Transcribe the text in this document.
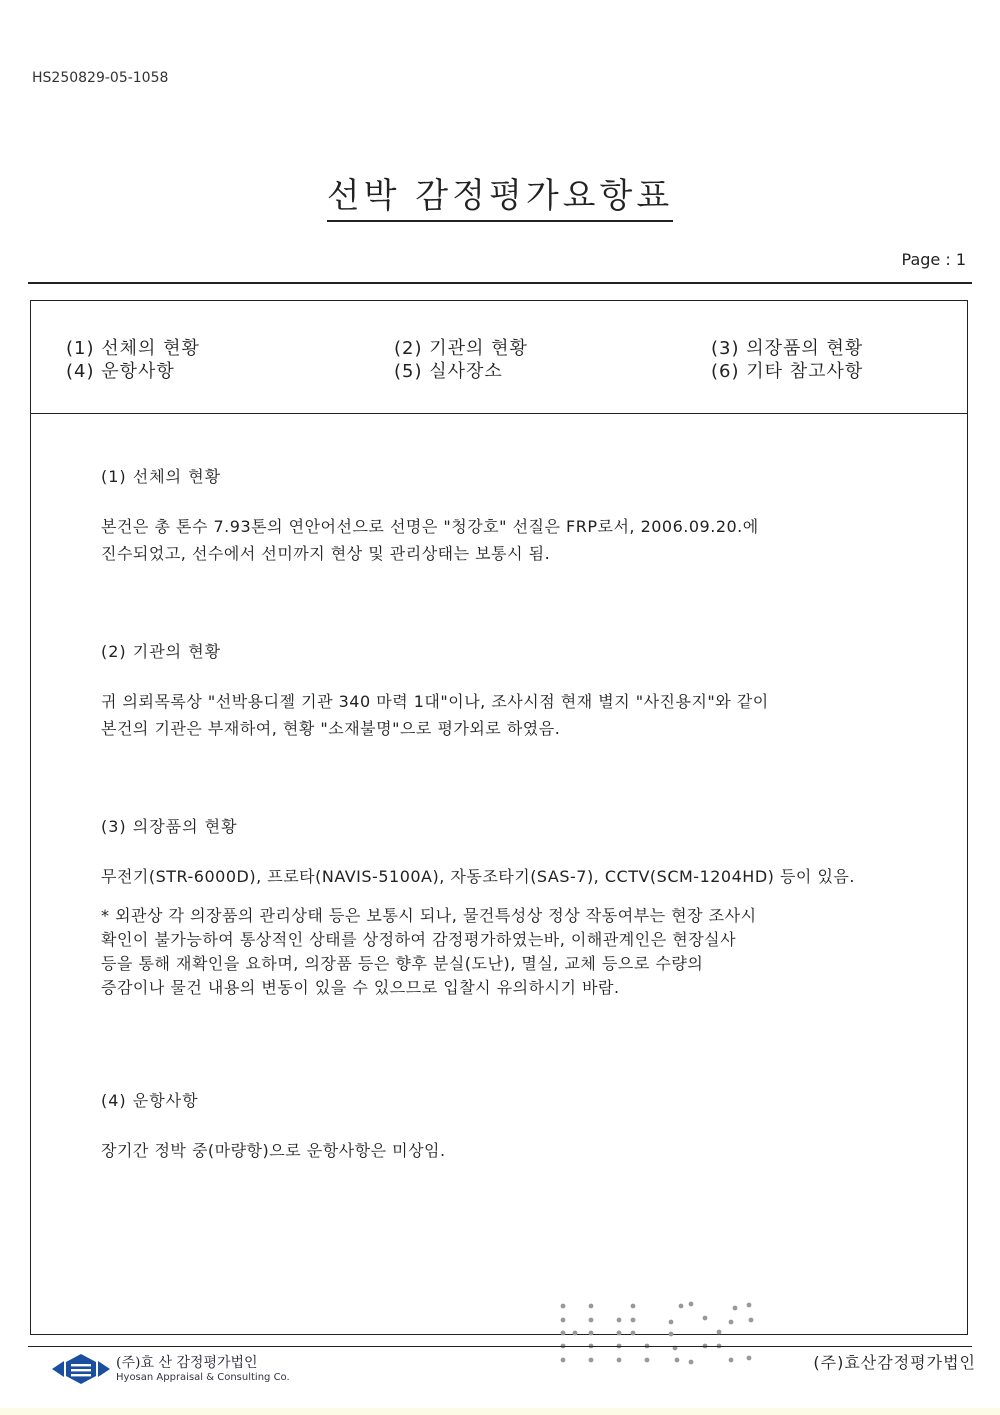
HS250829-05-1058
선박 감정평가요항표
Page : 1
(1) 선체의 현황	(2) 기관의 현황	(3) 의장품의 현황
(4) 운항사항	(5) 실사장소	(6) 기타 참고사항

(1) 선체의 현황

본건은 총 톤수 7.93톤의 연안어선으로 선명은 "청강호" 선질은 FRP로서, 2006.09.20.에

진수되었고, 선수에서 선미까지 현상 및 관리상태는 보통시 됨.

(2) 기관의 현황

귀 의뢰목록상 "선박용디젤 기관 340 마력 1대"이나, 조사시점 현재 별지 "사진용지"와 같이

본건의 기관은 부재하여, 현황 "소재불명"으로 평가외로 하였음.

(3) 의장품의 현황

무전기(STR-6000D), 프로타(NAVIS-5100A), 자동조타기(SAS-7), CCTV(SCM-1204HD) 등이 있음.

* 외관상 각 의장품의 관리상태 등은 보통시 되나, 물건특성상 정상 작동여부는 현장 조사시

확인이 불가능하여 통상적인 상태를 상정하여 감정평가하였는바, 이해관계인은 현장실사

등을 통해 재확인을 요하며, 의장품 등은 향후 분실(도난), 멸실, 교체 등으로 수량의

증감이나 물건 내용의 변동이 있을 수 있으므로 입찰시 유의하시기 바람.

(4) 운항사항

장기간 정박 중(마량항)으로 운항사항은 미상임.

(주)효 산 감정평가법인
Hyosan Appraisal & Consulting Co.
(주)효산감정평가법인
